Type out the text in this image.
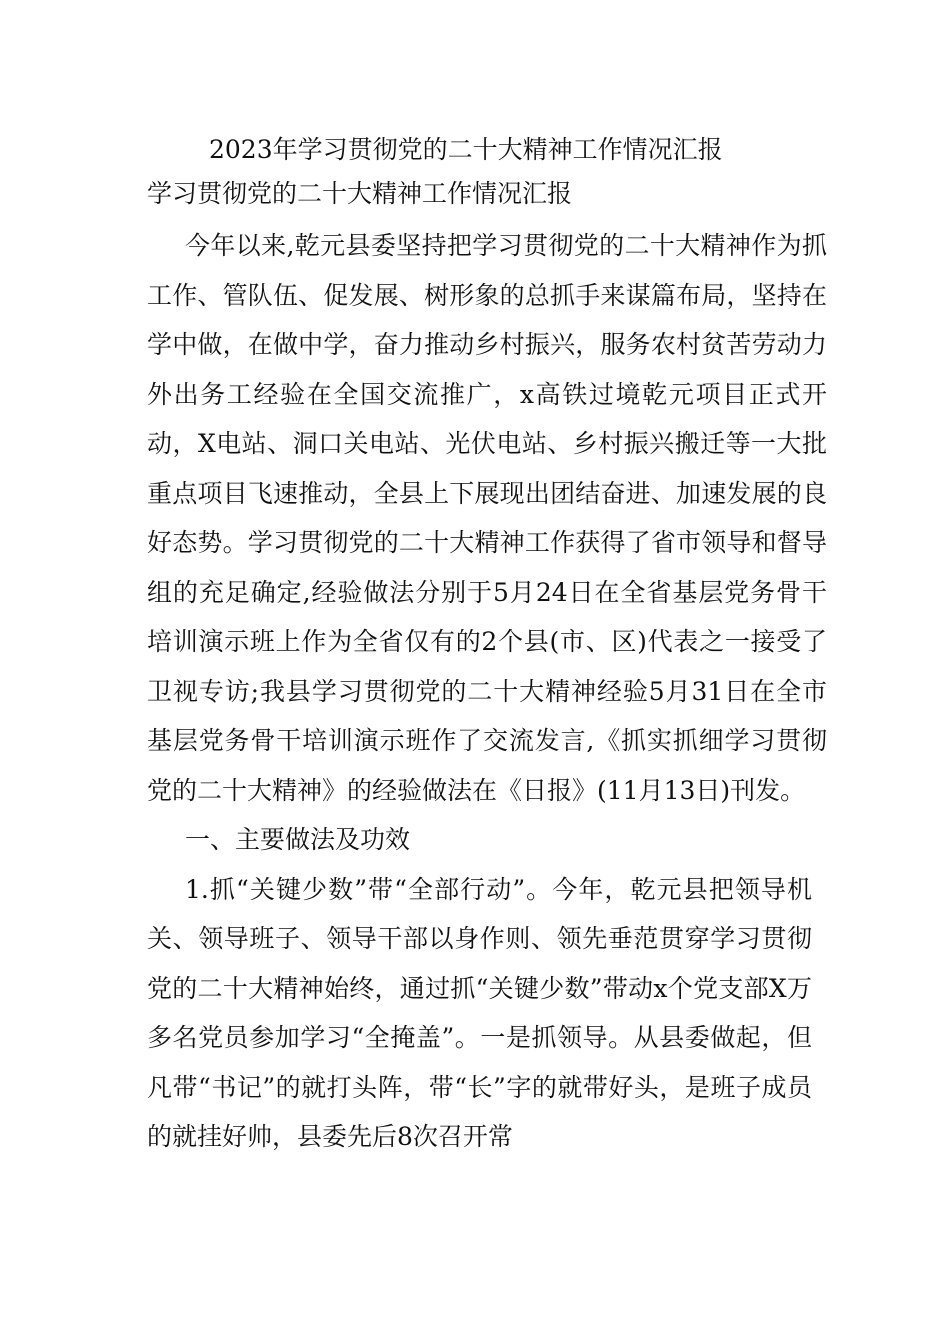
2023年学习贯彻党的二十大精神工作情况汇报
学习贯彻党的二十大精神工作情况汇报

今年以来,乾元县委坚持把学习贯彻党的二十大精神作为抓工作、管队伍、促发展、树形象的总抓手来谋篇布局，坚持在学中做，在做中学，奋力推动乡村振兴，服务农村贫苦劳动力外出务工经验在全国交流推广，x高铁过境乾元项目正式开动，X电站、洞口关电站、光伏电站、乡村振兴搬迁等一大批重点项目飞速推动，全县上下展现出团结奋进、加速发展的良好态势。学习贯彻党的二十大精神工作获得了省市领导和督导组的充足确定,经验做法分别于5月24日在全省基层党务骨干培训演示班上作为全省仅有的2个县(市、区)代表之一接受了卫视专访;我县学习贯彻党的二十大精神经验5月31日在全市基层党务骨干培训演示班作了交流发言,《抓实抓细学习贯彻党的二十大精神》的经验做法在《日报》(11月13日)刊发。

一、主要做法及功效

1.抓“关键少数”带“全部行动”。今年，乾元县把领导机关、领导班子、领导干部以身作则、领先垂范贯穿学习贯彻党的二十大精神始终，通过抓“关键少数”带动x个党支部X万多名党员参加学习“全掩盖”。一是抓领导。从县委做起，但凡带“书记”的就打头阵，带“长”字的就带好头，是班子成员的就挂好帅，县委先后8次召开常
